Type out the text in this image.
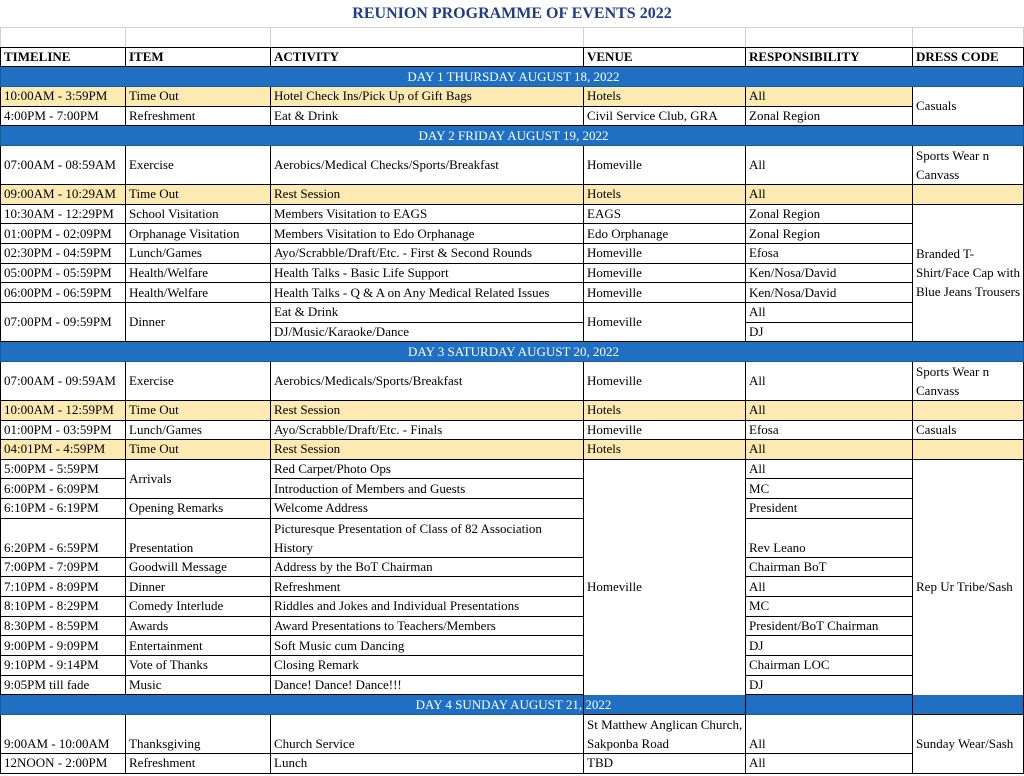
REUNION PROGRAMME OF EVENTS 2022

TIMELINE	ITEM	ACTIVITY	VENUE	RESPONSIBILITY	DRESS CODE
DAY 1 THURSDAY AUGUST 18, 2022					
10:00AM - 3:59PM	Time Out	Hotel Check Ins/Pick Up of Gift Bags	Hotels	All	Casuals
4:00PM - 7:00PM	Refreshment	Eat & Drink	Civil Service Club, GRA	Zonal Region	
DAY 2 FRIDAY AUGUST 19, 2022					
07:00AM - 08:59AM	Exercise	Aerobics/Medical Checks/Sports/Breakfast	Homeville	All	Sports Wear n Canvass
09:00AM - 10:29AM	Time Out	Rest Session	Hotels	All	
10:30AM - 12:29PM	School Visitation	Members Visitation to EAGS	EAGS	Zonal Region	Branded T-Shirt/Face Cap with Blue Jeans Trousers
01:00PM - 02:09PM	Orphanage Visitation	Members Visitation to Edo Orphanage	Edo Orphanage	Zonal Region	
02:30PM - 04:59PM	Lunch/Games	Ayo/Scrabble/Draft/Etc. - First & Second Rounds	Homeville	Efosa	
05:00PM - 05:59PM	Health/Welfare	Health Talks - Basic Life Support	Homeville	Ken/Nosa/David	
06:00PM - 06:59PM	Health/Welfare	Health Talks - Q & A on Any Medical Related Issues	Homeville	Ken/Nosa/David	
07:00PM - 09:59PM	Dinner	Eat & Drink	Homeville	All	
		DJ/Music/Karaoke/Dance		DJ	
DAY 3 SATURDAY AUGUST 20, 2022					
07:00AM - 09:59AM	Exercise	Aerobics/Medicals/Sports/Breakfast	Homeville	All	Sports Wear n Canvass
10:00AM - 12:59PM	Time Out	Rest Session	Hotels	All	
01:00PM - 03:59PM	Lunch/Games	Ayo/Scrabble/Draft/Etc. - Finals	Homeville	Efosa	Casuals
04:01PM - 4:59PM	Time Out	Rest Session	Hotels	All	
5:00PM - 5:59PM	Arrivals	Red Carpet/Photo Ops	Homeville	All	Rep Ur Tribe/Sash
6:00PM - 6:09PM		Introduction of Members and Guests		MC	
6:10PM - 6:19PM	Opening Remarks	Welcome Address		President	
6:20PM - 6:59PM	Presentation	Picturesque Presentation of Class of 82 Association History		Rev Leano	
7:00PM - 7:09PM	Goodwill Message	Address by the BoT Chairman		Chairman BoT	
7:10PM - 8:09PM	Dinner	Refreshment		All	
8:10PM - 8:29PM	Comedy Interlude	Riddles and Jokes and Individual Presentations		MC	
8:30PM - 8:59PM	Awards	Award Presentations to Teachers/Members		President/BoT Chairman	
9:00PM - 9:09PM	Entertainment	Soft Music cum Dancing		DJ	
9:10PM - 9:14PM	Vote of Thanks	Closing Remark		Chairman LOC	
9:05PM till fade	Music	Dance! Dance! Dance!!!		DJ	
DAY 4 SUNDAY AUGUST 21, 2022					
9:00AM - 10:00AM	Thanksgiving	Church Service	St Matthew Anglican Church, Sakponba Road	All	Sunday Wear/Sash
12NOON - 2:00PM	Refreshment	Lunch	TBD	All	
